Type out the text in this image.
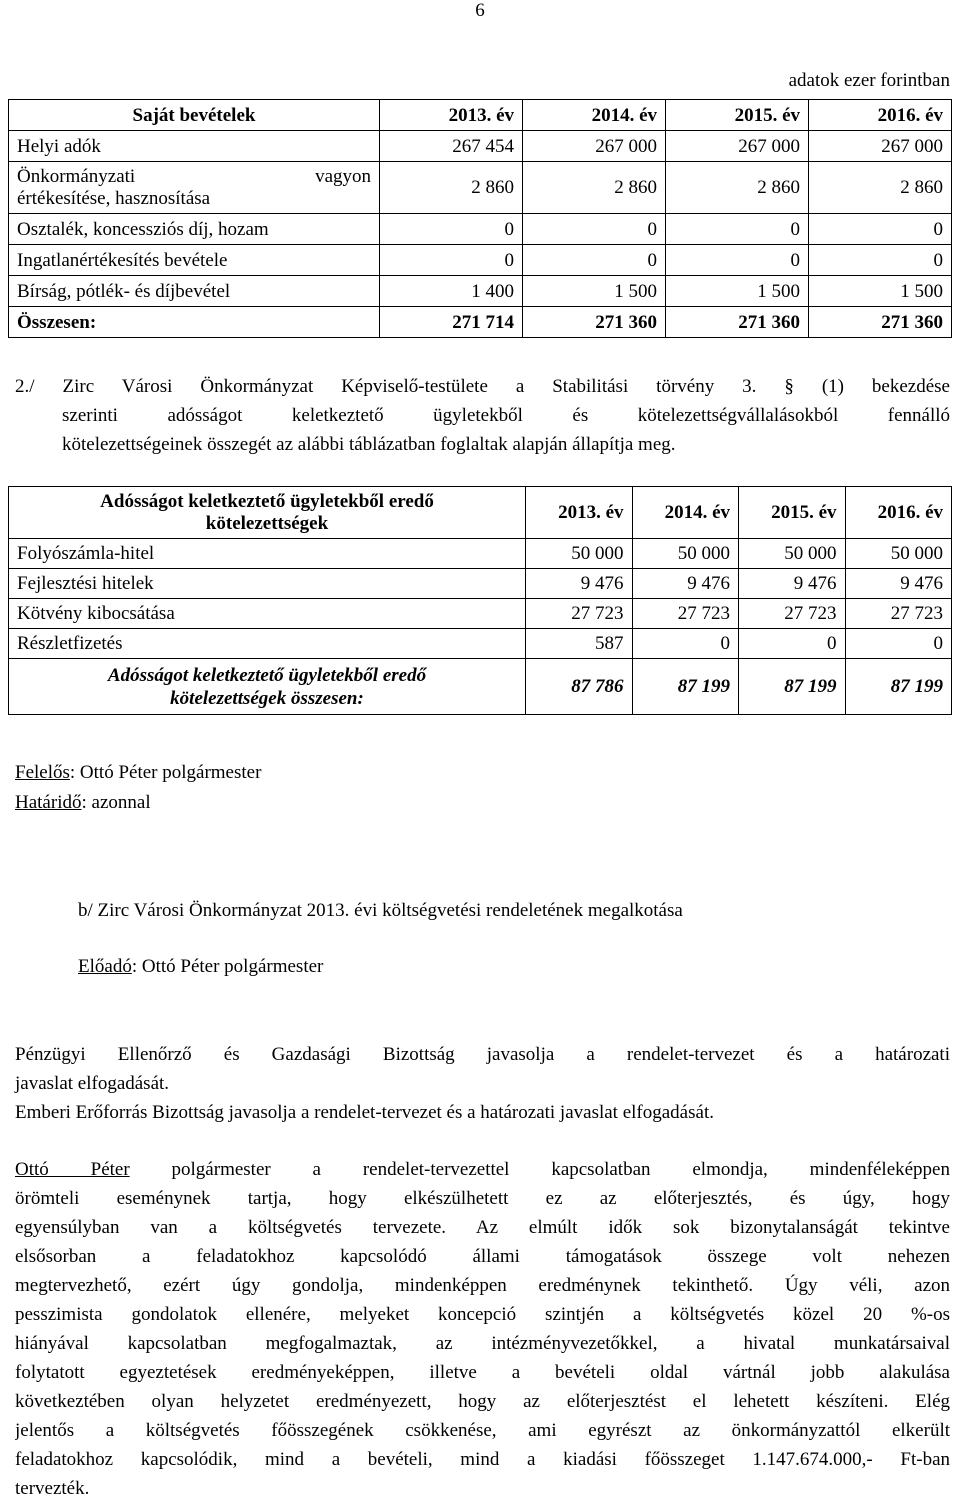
6
adatok ezer forintban
Saját bevételek	2013. év	2014. év	2015. év	2016. év
Helyi adók	267 454	267 000	267 000	267 000

Önkormányzati vagyon
értékesítése, hasznosítása	2 860	2 860	2 860	2 860
Osztalék, koncessziós díj, hozam	0	0	0	0
Ingatlanértékesítés bevétele	0	0	0	0
Bírság, pótlék- és díjbevétel	1 400	1 500	1 500	1 500
Összesen:	271 714	271 360	271 360	271 360
2./ Zirc Városi Önkormányzat Képviselő-testülete a Stabilitási törvény 3. § (1) bekezdése
szerinti adósságot keletkeztető ügyletekből és kötelezettségvállalásokból fennálló
kötelezettségeinek összegét az alábbi táblázatban foglaltak alapján állapítja meg.
Adósságot keletkeztető ügyletekből eredő
kötelezettségek	2013. év	2014. év	2015. év	2016. év
Folyószámla-hitel	50 000	50 000	50 000	50 000
Fejlesztési hitelek	9 476	9 476	9 476	9 476
Kötvény kibocsátása	27 723	27 723	27 723	27 723
Részletfizetés	587	0	0	0

Adósságot keletkeztető ügyletekből eredő
kötelezettségek összesen:	87 786	87 199	87 199	87 199
Felelős: Ottó Péter polgármester
Határidő: azonnal
b/ Zirc Városi Önkormányzat 2013. évi költségvetési rendeletének megalkotása
Előadó: Ottó Péter polgármester
Pénzügyi Ellenőrző és Gazdasági Bizottság javasolja a rendelet-tervezet és a határozati
javaslat elfogadását.
Emberi Erőforrás Bizottság javasolja a rendelet-tervezet és a határozati javaslat elfogadását.
Ottó Péter polgármester a rendelet-tervezettel kapcsolatban elmondja, mindenféleképpen
örömteli eseménynek tartja, hogy elkészülhetett ez az előterjesztés, és úgy, hogy
egyensúlyban van a költségvetés tervezete. Az elmúlt idők sok bizonytalanságát tekintve
elsősorban a feladatokhoz kapcsolódó állami támogatások összege volt nehezen
megtervezhető, ezért úgy gondolja, mindenképpen eredménynek tekinthető. Úgy véli, azon
pesszimista gondolatok ellenére, melyeket koncepció szintjén a költségvetés közel 20 %-os
hiányával kapcsolatban megfogalmaztak, az intézményvezetőkkel, a hivatal munkatársaival
folytatott egyeztetések eredményeképpen, illetve a bevételi oldal vártnál jobb alakulása
következtében olyan helyzetet eredményezett, hogy az előterjesztést el lehetett készíteni. Elég
jelentős a költségvetés főösszegének csökkenése, ami egyrészt az önkormányzattól elkerült
feladatokhoz kapcsolódik, mind a bevételi, mind a kiadási főösszeget 1.147.674.000,- Ft-ban
tervezték.
